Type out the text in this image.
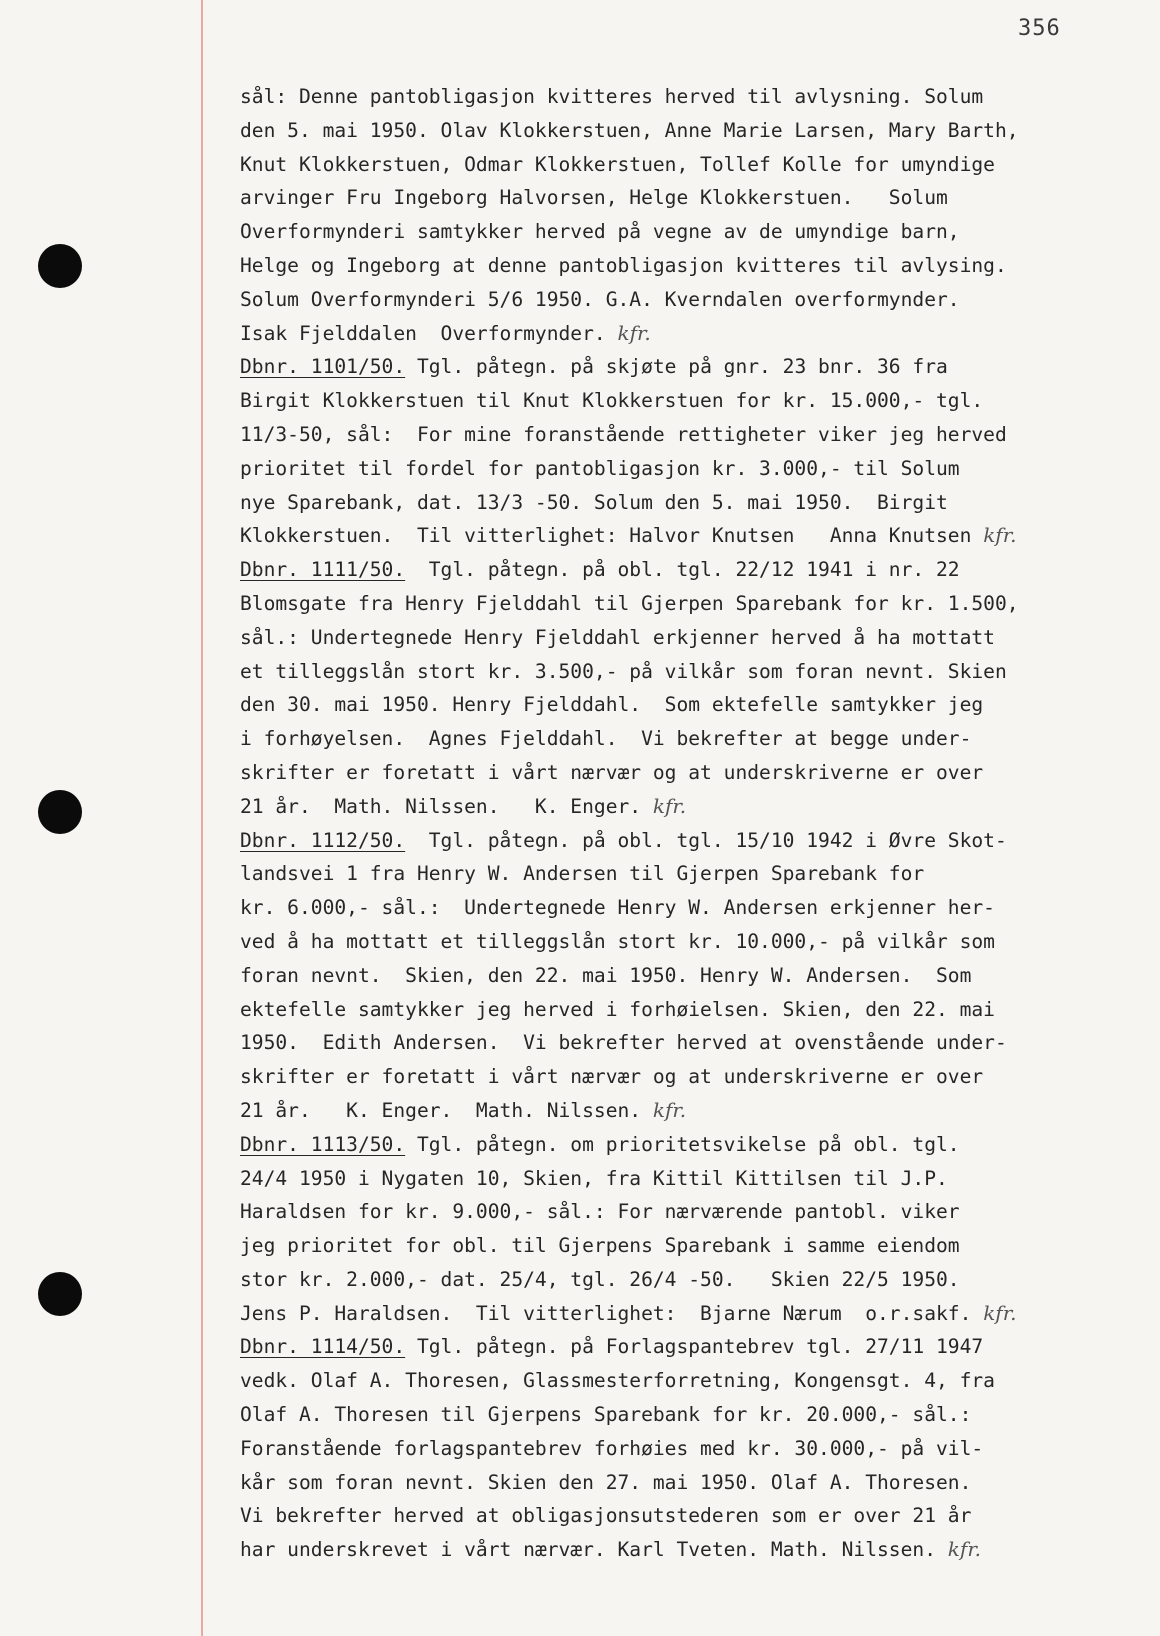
356
sål: Denne pantobligasjon kvitteres herved til avlysning. Solum
den 5. mai 1950. Olav Klokkerstuen, Anne Marie Larsen, Mary Barth,
Knut Klokkerstuen, Odmar Klokkerstuen, Tollef Kolle for umyndige
arvinger Fru Ingeborg Halvorsen, Helge Klokkerstuen.   Solum
Overformynderi samtykker herved på vegne av de umyndige barn,
Helge og Ingeborg at denne pantobligasjon kvitteres til avlysing.
Solum Overformynderi 5/6 1950. G.A. Kverndalen overformynder.
Isak Fjelddalen  Overformynder. kfr.
Dbnr. 1101/50. Tgl. påtegn. på skjøte på gnr. 23 bnr. 36 fra
Birgit Klokkerstuen til Knut Klokkerstuen for kr. 15.000,- tgl.
11/3-50, sål:  For mine foranstående rettigheter viker jeg herved
prioritet til fordel for pantobligasjon kr. 3.000,- til Solum
nye Sparebank, dat. 13/3 -50. Solum den 5. mai 1950.  Birgit
Klokkerstuen.  Til vitterlighet: Halvor Knutsen   Anna Knutsen kfr.
Dbnr. 1111/50.  Tgl. påtegn. på obl. tgl. 22/12 1941 i nr. 22
Blomsgate fra Henry Fjelddahl til Gjerpen Sparebank for kr. 1.500,
sål.: Undertegnede Henry Fjelddahl erkjenner herved å ha mottatt
et tilleggslån stort kr. 3.500,- på vilkår som foran nevnt. Skien
den 30. mai 1950. Henry Fjelddahl.  Som ektefelle samtykker jeg
i forhøyelsen.  Agnes Fjelddahl.  Vi bekrefter at begge under-
skrifter er foretatt i vårt nærvær og at underskriverne er over
21 år.  Math. Nilssen.   K. Enger. kfr.
Dbnr. 1112/50.  Tgl. påtegn. på obl. tgl. 15/10 1942 i Øvre Skot-
landsvei 1 fra Henry W. Andersen til Gjerpen Sparebank for
kr. 6.000,- sål.:  Undertegnede Henry W. Andersen erkjenner her-
ved å ha mottatt et tilleggslån stort kr. 10.000,- på vilkår som
foran nevnt.  Skien, den 22. mai 1950. Henry W. Andersen.  Som
ektefelle samtykker jeg herved i forhøielsen. Skien, den 22. mai
1950.  Edith Andersen.  Vi bekrefter herved at ovenstående under-
skrifter er foretatt i vårt nærvær og at underskriverne er over
21 år.   K. Enger.  Math. Nilssen. kfr.
Dbnr. 1113/50. Tgl. påtegn. om prioritetsvikelse på obl. tgl.
24/4 1950 i Nygaten 10, Skien, fra Kittil Kittilsen til J.P.
Haraldsen for kr. 9.000,- sål.: For nærværende pantobl. viker
jeg prioritet for obl. til Gjerpens Sparebank i samme eiendom
stor kr. 2.000,- dat. 25/4, tgl. 26/4 -50.   Skien 22/5 1950.
Jens P. Haraldsen.  Til vitterlighet:  Bjarne Nærum  o.r.sakf. kfr.
Dbnr. 1114/50. Tgl. påtegn. på Forlagspantebrev tgl. 27/11 1947
vedk. Olaf A. Thoresen, Glassmesterforretning, Kongensgt. 4, fra
Olaf A. Thoresen til Gjerpens Sparebank for kr. 20.000,- sål.:
Foranstående forlagspantebrev forhøies med kr. 30.000,- på vil-
kår som foran nevnt. Skien den 27. mai 1950. Olaf A. Thoresen.
Vi bekrefter herved at obligasjonsutstederen som er over 21 år
har underskrevet i vårt nærvær. Karl Tveten. Math. Nilssen. kfr.
